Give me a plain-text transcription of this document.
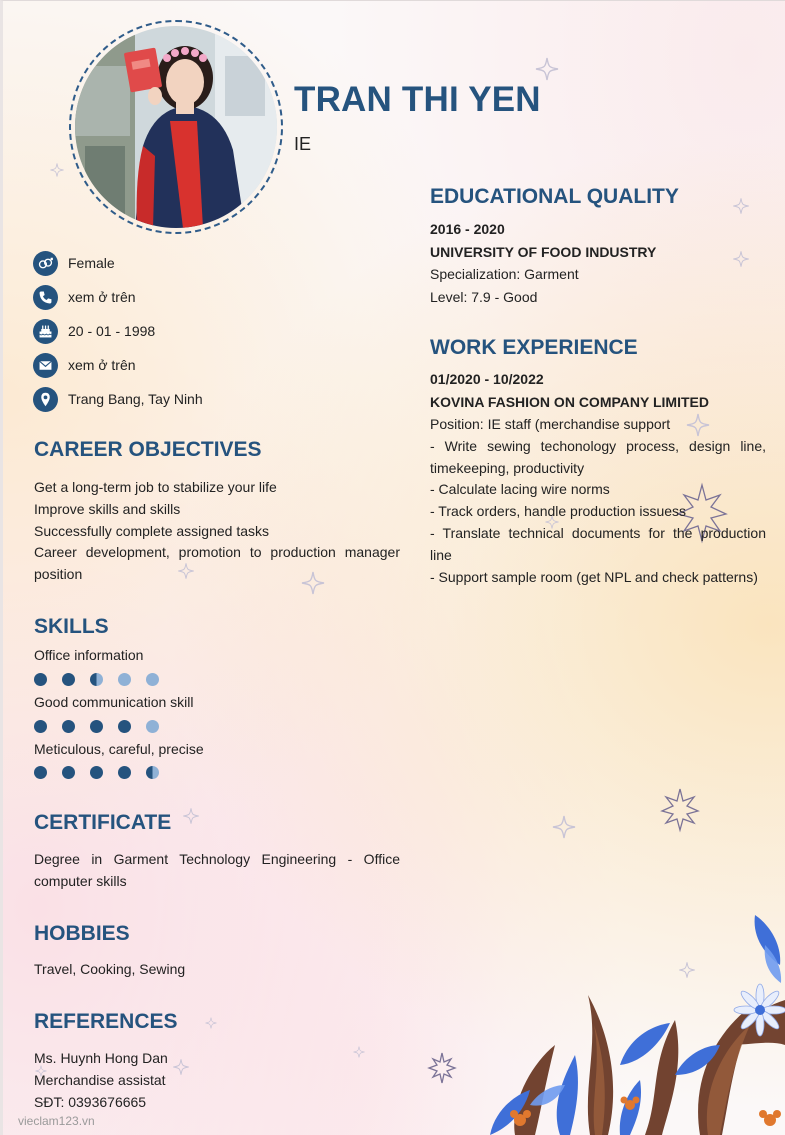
TRAN THI YEN
IE
Female
xem ở trên
20 - 01 - 1998
xem ở trên
Trang Bang, Tay Ninh
CAREER OBJECTIVES
Get a long-term job to stabilize your life
Improve skills and skills
Successfully complete assigned tasks
Career development, promotion to production manager position
SKILLS
Office information
Good communication skill
Meticulous, careful, precise
CERTIFICATE
Degree in Garment Technology Engineering - Office computer skills
HOBBIES
Travel, Cooking, Sewing
REFERENCES
Ms. Huynh Hong Dan
Merchandise assistat
SĐT: 0393676665
EDUCATIONAL QUALITY
2016 - 2020
UNIVERSITY OF FOOD INDUSTRY
Specialization: Garment
Level: 7.9 - Good
WORK EXPERIENCE
01/2020 - 10/2022
KOVINA FASHION ON COMPANY LIMITED
Position: IE staff (merchandise support
- Write sewing techonology process, design line, timekeeping, productivity
- Calculate lacing wire norms
- Track orders, handle production issuess
- Translate technical documents for the production line
- Support sample room (get NPL and check patterns)
vieclam123.vn
